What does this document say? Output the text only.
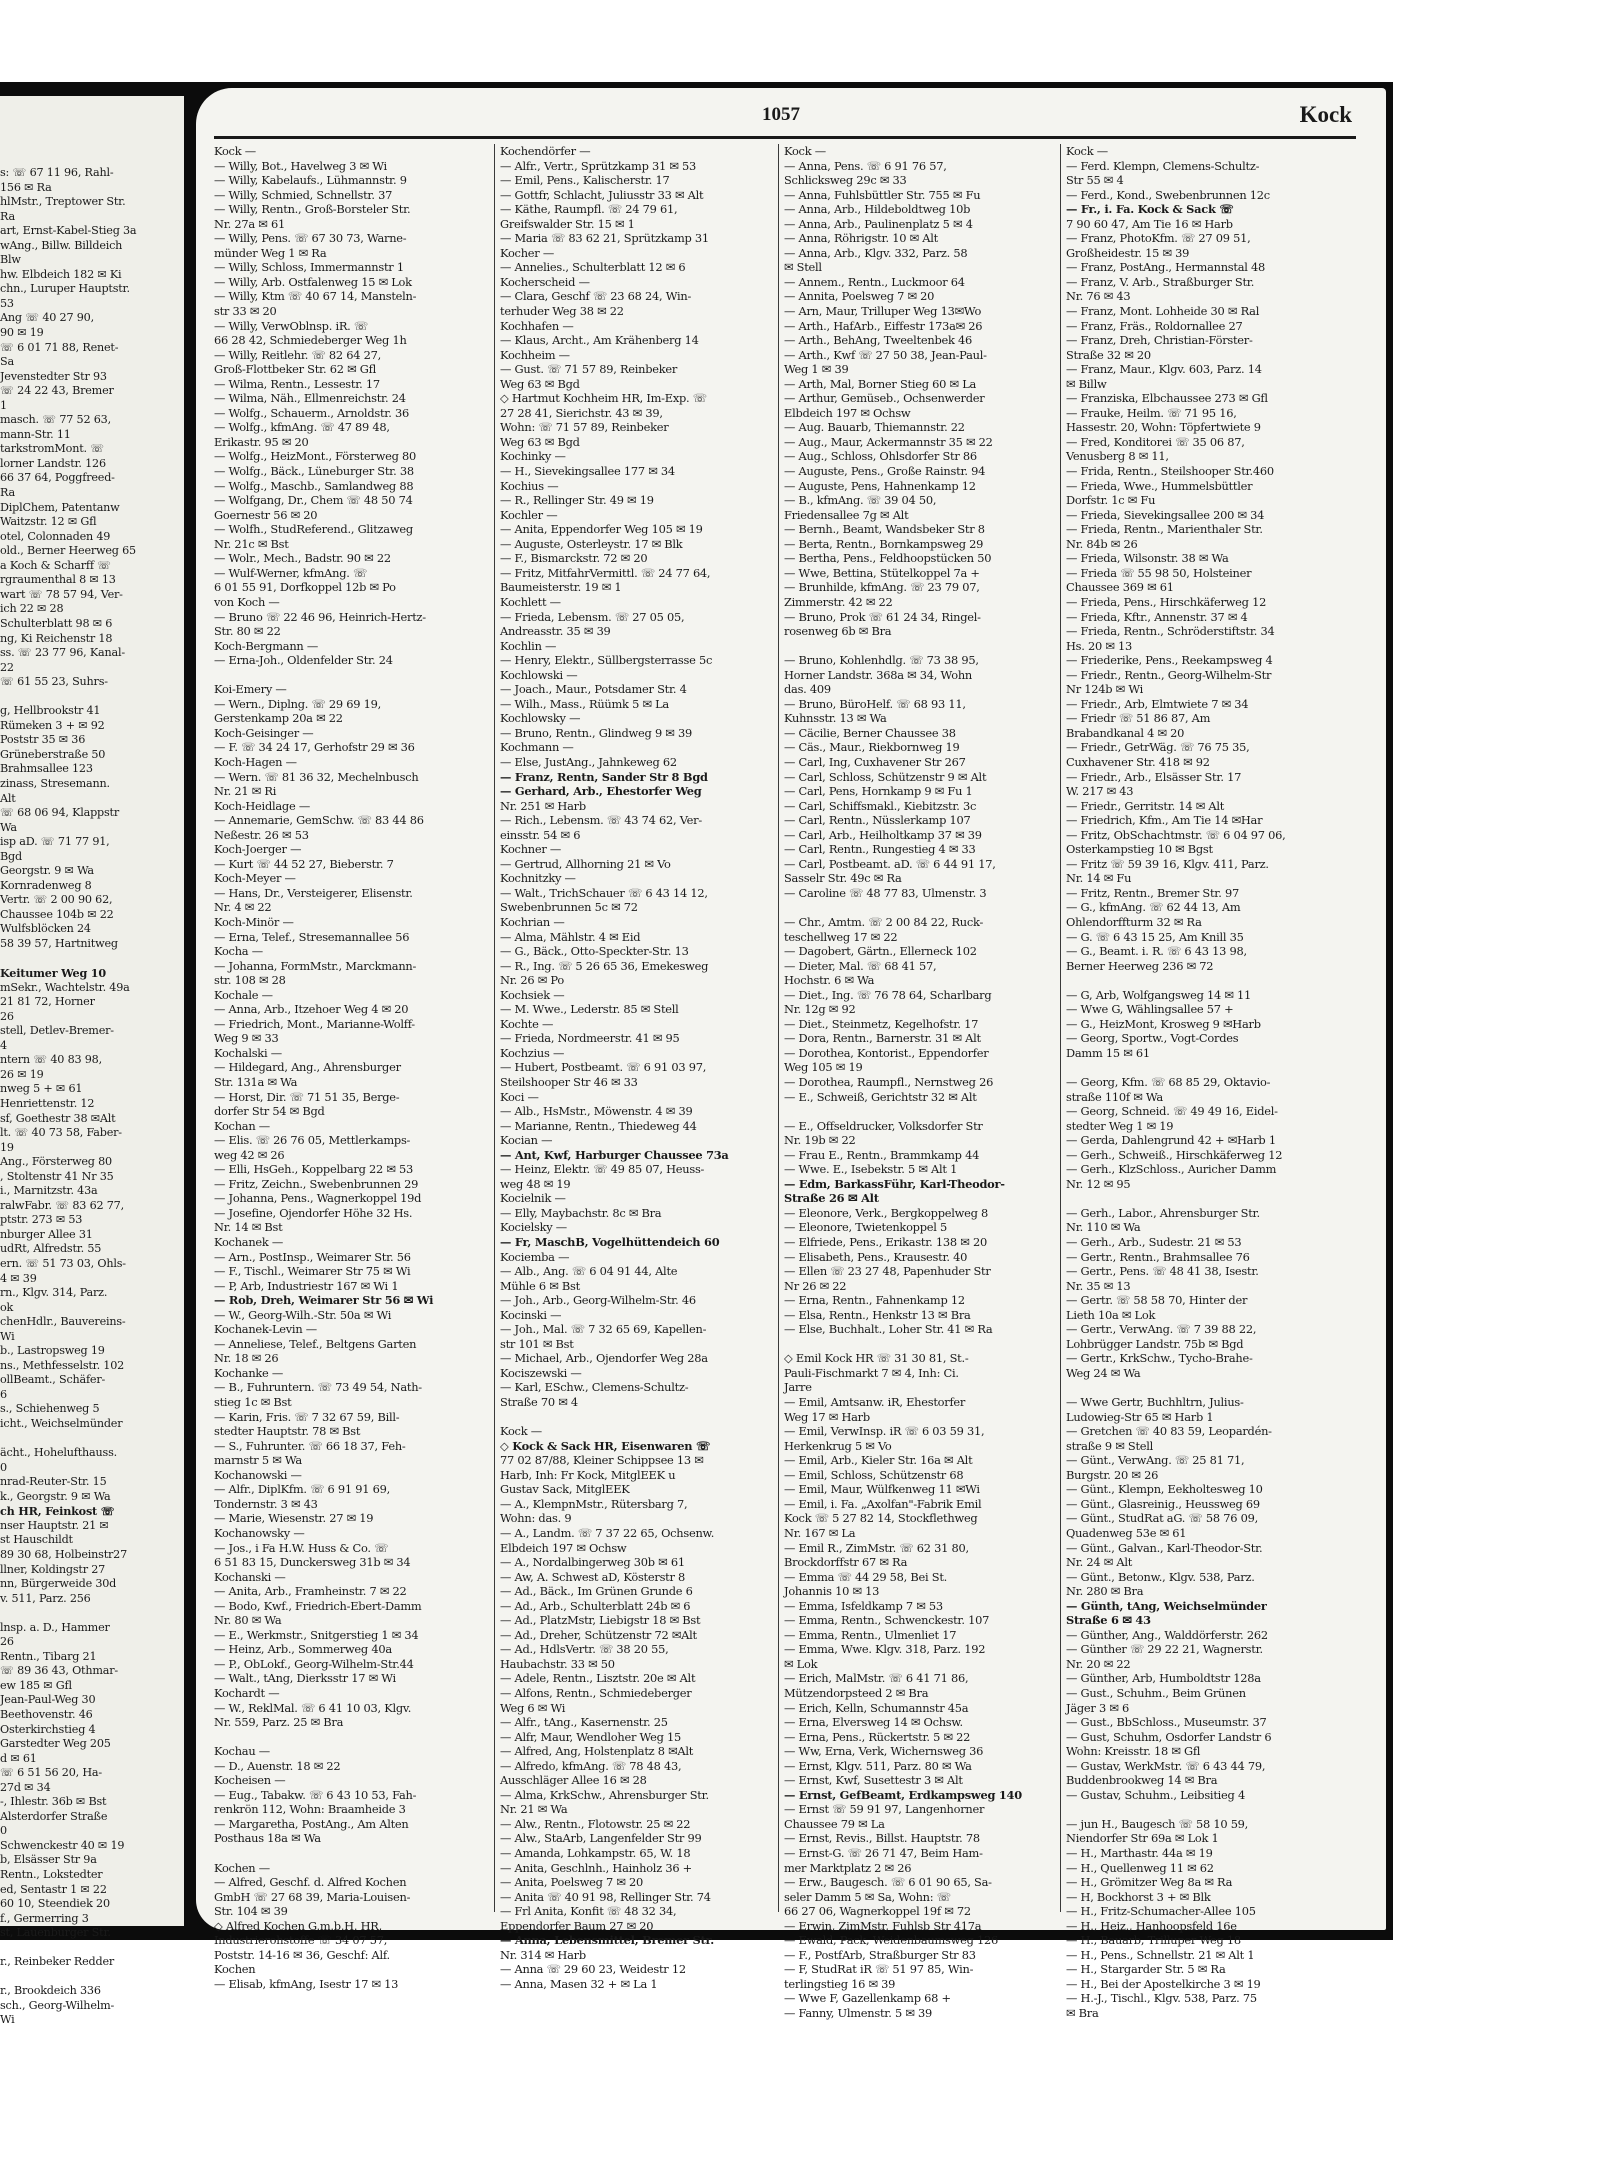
s: ☏ 67 11 96, Rahl-
156 ✉ Ra
hlMstr., Treptower Str.
Ra
art, Ernst-Kabel-Stieg 3a
wAng., Billw. Billdeich
Blw
hw. Elbdeich 182 ✉ Ki
chn., Luruper Hauptstr.
53
Ang ☏ 40 27 90,
90 ✉ 19
☏ 6 01 71 88, Renet-
Sa
Jevenstedter Str 93
☏ 24 22 43, Bremer
1
masch. ☏ 77 52 63,
mann-Str. 11
tarkstromMont. ☏
lorner Landstr. 126
66 37 64, Poggfreed-
Ra
DiplChem, Patentanw
Waitzstr. 12 ✉ Gfl
otel, Colonnaden 49
old., Berner Heerweg 65
a Koch & Scharff ☏
rgraumenthal 8 ✉ 13
wart ☏ 78 57 94, Ver-
ich 22 ✉ 28
Schulterblatt 98 ✉ 6
ng, Ki Reichenstr 18
ss. ☏ 23 77 96, Kanal-
22
☏ 61 55 23, Suhrs-
g, Hellbrookstr 41
Rümeken 3 + ✉ 92
Poststr 35 ✉ 36
Grüneberstraße 50
Brahmsallee 123
zinass, Stresemann.
Alt
☏ 68 06 94, Klappstr
Wa
isp aD. ☏ 71 77 91,
Bgd
Georgstr. 9 ✉ Wa
Kornradenweg 8
Vertr. ☏ 2 00 90 62,
Chaussee 104b ✉ 22
Wulfsblöcken 24
58 39 57, Hartnitweg
Keitumer Weg 10
mSekr., Wachtelstr. 49a
21 81 72, Horner
26
stell, Detlev-Bremer-
4
ntern ☏ 40 83 98,
26 ✉ 19
nweg 5 + ✉ 61
Henriettenstr. 12
sf, Goethestr 38 ✉Alt
lt. ☏ 40 73 58, Faber-
19
Ang., Försterweg 80
, Stoltenstr 41 Nr 35
i., Marnitzstr. 43a
ralwFabr. ☏ 83 62 77,
ptstr. 273 ✉ 53
nburger Allee 31
udRt, Alfredstr. 55
ern. ☏ 51 73 03, Ohls-
4 ✉ 39
rn., Klgv. 314, Parz.
ok
chenHdlr., Bauvereins-
Wi
b., Lastropsweg 19
ns., Methfesselstr. 102
ollBeamt., Schäfer-
6
s., Schiehenweg 5
icht., Weichselmünder
ächt., Hohelufthauss.
0
nrad-Reuter-Str. 15
k., Georgstr. 9 ✉ Wa
ch HR, Feinkost ☏
nser Hauptstr. 21 ✉
st Hauschildt
89 30 68, Holbeinstr27
llner, Koldingstr 27
nn, Bürgerweide 30d
v. 511, Parz. 256
lnsp. a. D., Hammer
26
Rentn., Tibarg 21
☏ 89 36 43, Othmar-
ew 185 ✉ Gfl
Jean-Paul-Weg 30
Beethovenstr. 46
Osterkirchstieg 4
Garstedter Weg 205
d ✉ 61
☏ 6 51 56 20, Ha-
27d ✉ 34
-, Ihlestr. 36b ✉ Bst
Alsterdorfer Straße
0
Schwenckestr 40 ✉ 19
b, Elsässer Str 9a
Rentn., Lokstedter
ed, Sentastr 1 ✉ 22
60 10, Steendiek 20
f., Germerring 3
st, Lauenburger Str.
r., Reinbeker Redder
r., Brookdeich 336
sch., Georg-Wilhelm-
Wi
1057	Kock
Kock —
— Willy, Bot., Havelweg 3 ✉ Wi
— Willy, Kabelaufs., Lühmannstr. 9
— Willy, Schmied, Schnellstr. 37
— Willy, Rentn., Groß-Borsteler Str.
Nr. 27a ✉ 61
— Willy, Pens. ☏ 67 30 73, Warne-
münder Weg 1 ✉ Ra
— Willy, Schloss, Immermannstr 1
— Willy, Arb. Ostfalenweg 15 ✉ Lok
— Willy, Ktm ☏ 40 67 14, Mansteln-
str 33 ✉ 20
— Willy, VerwOblnsp. iR. ☏
66 28 42, Schmiedeberger Weg 1h
— Willy, Reitlehr. ☏ 82 64 27,
Groß-Flottbeker Str. 62 ✉ Gfl
— Wilma, Rentn., Lessestr. 17
— Wilma, Näh., Ellmenreichstr. 24
— Wolfg., Schauerm., Arnoldstr. 36
— Wolfg., kfmAng. ☏ 47 89 48,
Erikastr. 95 ✉ 20
— Wolfg., HeizMont., Försterweg 80
— Wolfg., Bäck., Lüneburger Str. 38
— Wolfg., Maschb., Samlandweg 88
— Wolfgang, Dr., Chem ☏ 48 50 74
Goernestr 56 ✉ 20
— Wolfh., StudReferend., Glitzaweg
Nr. 21c ✉ Bst
— Wolr., Mech., Badstr. 90 ✉ 22
— Wulf-Werner, kfmAng. ☏
6 01 55 91, Dorfkoppel 12b ✉ Po
von Koch —
— Bruno ☏ 22 46 96, Heinrich-Hertz-
Str. 80 ✉ 22
Koch-Bergmann —
— Erna-Joh., Oldenfelder Str. 24
Koi-Emery —
— Wern., Diplng. ☏ 29 69 19,
Gerstenkamp 20a ✉ 22
Koch-Geisinger —
— F. ☏ 34 24 17, Gerhofstr 29 ✉ 36
Koch-Hagen —
— Wern. ☏ 81 36 32, Mechelnbusch
Nr. 21 ✉ Ri
Koch-Heidlage —
— Annemarie, GemSchw. ☏ 83 44 86
Neßestr. 26 ✉ 53
Koch-Joerger —
— Kurt ☏ 44 52 27, Bieberstr. 7
Koch-Meyer —
— Hans, Dr., Versteigerer, Elisenstr.
Nr. 4 ✉ 22
Koch-Minör —
— Erna, Telef., Stresemannallee 56
Kocha —
— Johanna, FormMstr., Marckmann-
str. 108 ✉ 28
Kochale —
— Anna, Arb., Itzehoer Weg 4 ✉ 20
— Friedrich, Mont., Marianne-Wolff-
Weg 9 ✉ 33
Kochalski —
— Hildegard, Ang., Ahrensburger
Str. 131a ✉ Wa
— Horst, Dir. ☏ 71 51 35, Berge-
dorfer Str 54 ✉ Bgd
Kochan —
— Elis. ☏ 26 76 05, Mettlerkamps-
weg 42 ✉ 26
— Elli, HsGeh., Koppelbarg 22 ✉ 53
— Fritz, Zeichn., Swebenbrunnen 29
— Johanna, Pens., Wagnerkoppel 19d
— Josefine, Ojendorfer Höhe 32 Hs.
Nr. 14 ✉ Bst
Kochanek —
— Arn., PostInsp., Weimarer Str. 56
— F., Tischl., Weimarer Str 75 ✉ Wi
— P, Arb, Industriestr 167 ✉ Wi 1
— Rob, Dreh, Weimarer Str 56 ✉ Wi
— W., Georg-Wilh.-Str. 50a ✉ Wi
Kochanek-Levin —
— Anneliese, Telef., Beltgens Garten
Nr. 18 ✉ 26
Kochanke —
— B., Fuhruntern. ☏ 73 49 54, Nath-
stieg 1c ✉ Bst
— Karin, Fris. ☏ 7 32 67 59, Bill-
stedter Hauptstr. 78 ✉ Bst
— S., Fuhrunter. ☏ 66 18 37, Feh-
marnstr 5 ✉ Wa
Kochanowski —
— Alfr., DiplKfm. ☏ 6 91 91 69,
Tondernstr. 3 ✉ 43
— Marie, Wiesenstr. 27 ✉ 19
Kochanowsky —
— Jos., i Fa H.W. Huss & Co. ☏
6 51 83 15, Dunckersweg 31b ✉ 34
Kochanski —
— Anita, Arb., Framheinstr. 7 ✉ 22
— Bodo, Kwf., Friedrich-Ebert-Damm
Nr. 80 ✉ Wa
— E., Werkmstr., Snitgerstieg 1 ✉ 34
— Heinz, Arb., Sommerweg 40a
— P., ObLokf., Georg-Wilhelm-Str.44
— Walt., tAng, Dierksstr 17 ✉ Wi
Kochardt —
— W., ReklMal. ☏ 6 41 10 03, Klgv.
Nr. 559, Parz. 25 ✉ Bra
Kochau —
— D., Auenstr. 18 ✉ 22
Kocheisen —
— Eug., Tabakw. ☏ 6 43 10 53, Fah-
renkrön 112, Wohn: Braamheide 3
— Margaretha, PostAng., Am Alten
Posthaus 18a ✉ Wa
Kochen —
— Alfred, Geschf. d. Alfred Kochen
GmbH ☏ 27 68 39, Maria-Louisen-
Str. 104 ✉ 39
◇ Alfred Kochen G.m.b.H. HR,
Industrierohstoffe ☏ 34 07 57,
Poststr. 14-16 ✉ 36, Geschf: Alf.
Kochen
— Elisab, kfmAng, Isestr 17 ✉ 13
Kochendörfer —
— Alfr., Vertr., Sprützkamp 31 ✉ 53
— Emil, Pens., Kalischerstr. 17
— Gottfr, Schlacht, Juliusstr 33 ✉ Alt
— Käthe, Raumpfl. ☏ 24 79 61,
Greifswalder Str. 15 ✉ 1
— Maria ☏ 83 62 21, Sprützkamp 31
Kocher —
— Annelies., Schulterblatt 12 ✉ 6
Kocherscheid —
— Clara, Geschf ☏ 23 68 24, Win-
terhuder Weg 38 ✉ 22
Kochhafen —
— Klaus, Archt., Am Krähenberg 14
Kochheim —
— Gust. ☏ 71 57 89, Reinbeker
Weg 63 ✉ Bgd
◇ Hartmut Kochheim HR, Im-Exp. ☏
27 28 41, Sierichstr. 43 ✉ 39,
Wohn: ☏ 71 57 89, Reinbeker
Weg 63 ✉ Bgd
Kochinky —
— H., Sievekingsallee 177 ✉ 34
Kochius —
— R., Rellinger Str. 49 ✉ 19
Kochler —
— Anita, Eppendorfer Weg 105 ✉ 19
— Auguste, Osterleystr. 17 ✉ Blk
— F., Bismarckstr. 72 ✉ 20
— Fritz, MitfahrVermittl. ☏ 24 77 64,
Baumeisterstr. 19 ✉ 1
Kochlett —
— Frieda, Lebensm. ☏ 27 05 05,
Andreasstr. 35 ✉ 39
Kochlin —
— Henry, Elektr., Süllbergsterrasse 5c
Kochlowski —
— Joach., Maur., Potsdamer Str. 4
— Wilh., Mass., Rüümk 5 ✉ La
Kochlowsky —
— Bruno, Rentn., Glindweg 9 ✉ 39
Kochmann —
— Else, JustAng., Jahnkeweg 62
— Franz, Rentn, Sander Str 8 Bgd
— Gerhard, Arb., Ehestorfer Weg
Nr. 251 ✉ Harb
— Rich., Lebensm. ☏ 43 74 62, Ver-
einsstr. 54 ✉ 6
Kochner —
— Gertrud, Allhorning 21 ✉ Vo
Kochnitzky —
— Walt., TrichSchauer ☏ 6 43 14 12,
Swebenbrunnen 5c ✉ 72
Kochrian —
— Alma, Mählstr. 4 ✉ Eid
— G., Bäck., Otto-Speckter-Str. 13
— R., Ing. ☏ 5 26 65 36, Emekesweg
Nr. 26 ✉ Po
Kochsiek —
— M. Wwe., Lederstr. 85 ✉ Stell
Kochte —
— Frieda, Nordmeerstr. 41 ✉ 95
Kochzius —
— Hubert, Postbeamt. ☏ 6 91 03 97,
Steilshooper Str 46 ✉ 33
Koci —
— Alb., HsMstr., Möwenstr. 4 ✉ 39
— Marianne, Rentn., Thiedeweg 44
Kocian —
— Ant, Kwf, Harburger Chaussee 73a
— Heinz, Elektr. ☏ 49 85 07, Heuss-
weg 48 ✉ 19
Kocielnik —
— Elly, Maybachstr. 8c ✉ Bra
Kocielsky —
— Fr, MaschB, Vogelhüttendeich 60
Kociemba —
— Alb., Ang. ☏ 6 04 91 44, Alte
Mühle 6 ✉ Bst
— Joh., Arb., Georg-Wilhelm-Str. 46
Kocinski —
— Joh., Mal. ☏ 7 32 65 69, Kapellen-
str 101 ✉ Bst
— Michael, Arb., Ojendorfer Weg 28a
Kociszewski —
— Karl, ESchw., Clemens-Schultz-
Straße 70 ✉ 4
Kock —
◇ Kock & Sack HR, Eisenwaren ☏
77 02 87/88, Kleiner Schippsee 13 ✉
Harb, Inh: Fr Kock, MitglEEK u
Gustav Sack, MitglEEK
— A., KlempnMstr., Rütersbarg 7,
Wohn: das. 9
— A., Landm. ☏ 7 37 22 65, Ochsenw.
Elbdeich 197 ✉ Ochsw
— A., Nordalbingerweg 30b ✉ 61
— Aw, A. Schwest aD, Kösterstr 8
— Ad., Bäck., Im Grünen Grunde 6
— Ad., Arb., Schulterblatt 24b ✉ 6
— Ad., PlatzMstr, Liebigstr 18 ✉ Bst
— Ad., Dreher, Schützenstr 72 ✉Alt
— Ad., HdlsVertr. ☏ 38 20 55,
Haubachstr. 33 ✉ 50
— Adele, Rentn., Lisztstr. 20e ✉ Alt
— Alfons, Rentn., Schmiedeberger
Weg 6 ✉ Wi
— Alfr., tAng., Kasernenstr. 25
— Alfr, Maur, Wendloher Weg 15
— Alfred, Ang, Holstenplatz 8 ✉Alt
— Alfredo, kfmAng. ☏ 78 48 43,
Ausschläger Allee 16 ✉ 28
— Alma, KrkSchw., Ahrensburger Str.
Nr. 21 ✉ Wa
— Alw., Rentn., Flotowstr. 25 ✉ 22
— Alw., StaArb, Langenfelder Str 99
— Amanda, Lohkampstr. 65, W. 18
— Anita, Geschlnh., Hainholz 36 +
— Anita, Poelsweg 7 ✉ 20
— Anita ☏ 40 91 98, Rellinger Str. 74
— Frl Anita, Konfit ☏ 48 32 34,
Eppendorfer Baum 27 ✉ 20
— Anna, Lebensmittel, Bremer Str.
Nr. 314 ✉ Harb
— Anna ☏ 29 60 23, Weidestr 12
— Anna, Masen 32 + ✉ La 1
Kock —
— Anna, Pens. ☏ 6 91 76 57,
Schlicksweg 29c ✉ 33
— Anna, Fuhlsbüttler Str. 755 ✉ Fu
— Anna, Arb., Hildeboldtweg 10b
— Anna, Arb., Paulinenplatz 5 ✉ 4
— Anna, Röhrigstr. 10 ✉ Alt
— Anna, Arb., Klgv. 332, Parz. 58
✉ Stell
— Annem., Rentn., Luckmoor 64
— Annita, Poelsweg 7 ✉ 20
— Arn, Maur, Trilluper Weg 13✉Wo
— Arth., HafArb., Eiffestr 173a✉ 26
— Arth., BehAng, Tweeltenbek 46
— Arth., Kwf ☏ 27 50 38, Jean-Paul-
Weg 1 ✉ 39
— Arth, Mal, Borner Stieg 60 ✉ La
— Arthur, Gemüseb., Ochsenwerder
Elbdeich 197 ✉ Ochsw
— Aug. Bauarb, Thiemannstr. 22
— Aug., Maur, Ackermannstr 35 ✉ 22
— Aug., Schloss, Ohlsdorfer Str 86
— Auguste, Pens., Große Rainstr. 94
— Auguste, Pens, Hahnenkamp 12
— B., kfmAng. ☏ 39 04 50,
Friedensallee 7g ✉ Alt
— Bernh., Beamt, Wandsbeker Str 8
— Berta, Rentn., Bornkampsweg 29
— Bertha, Pens., Feldhoopstücken 50
— Wwe, Bettina, Stütelkoppel 7a +
— Brunhilde, kfmAng. ☏ 23 79 07,
Zimmerstr. 42 ✉ 22
— Bruno, Prok ☏ 61 24 34, Ringel-
rosenweg 6b ✉ Bra
— Bruno, Kohlenhdlg. ☏ 73 38 95,
Horner Landstr. 368a ✉ 34, Wohn
das. 409
— Bruno, BüroHelf. ☏ 68 93 11,
Kuhnsstr. 13 ✉ Wa
— Cäcilie, Berner Chaussee 38
— Cäs., Maur., Riekbornweg 19
— Carl, Ing, Cuxhavener Str 267
— Carl, Schloss, Schützenstr 9 ✉ Alt
— Carl, Pens, Hornkamp 9 ✉ Fu 1
— Carl, Schiffsmakl., Kiebitzstr. 3c
— Carl, Rentn., Nüsslerkamp 107
— Carl, Arb., Heilholtkamp 37 ✉ 39
— Carl, Rentn., Rungestieg 4 ✉ 33
— Carl, Postbeamt. aD. ☏ 6 44 91 17,
Sasselr Str. 49c ✉ Ra
— Caroline ☏ 48 77 83, Ulmenstr. 3
— Chr., Amtm. ☏ 2 00 84 22, Ruck-
teschellweg 17 ✉ 22
— Dagobert, Gärtn., Ellerneck 102
— Dieter, Mal. ☏ 68 41 57,
Hochstr. 6 ✉ Wa
— Diet., Ing. ☏ 76 78 64, Scharlbarg
Nr. 12g ✉ 92
— Diet., Steinmetz, Kegelhofstr. 17
— Dora, Rentn., Barnerstr. 31 ✉ Alt
— Dorothea, Kontorist., Eppendorfer
Weg 105 ✉ 19
— Dorothea, Raumpfl., Nernstweg 26
— E., Schweiß, Gerichtstr 32 ✉ Alt
— E., Offseldrucker, Volksdorfer Str
Nr. 19b ✉ 22
— Frau E., Rentn., Brammkamp 44
— Wwe. E., Isebekstr. 5 ✉ Alt 1
— Edm, BarkassFühr, Karl-Theodor-
Straße 26 ✉ Alt
— Eleonore, Verk., Bergkoppelweg 8
— Eleonore, Twietenkoppel 5
— Elfriede, Pens., Erikastr. 138 ✉ 20
— Elisabeth, Pens., Krausestr. 40
— Ellen ☏ 23 27 48, Papenhuder Str
Nr 26 ✉ 22
— Erna, Rentn., Fahnenkamp 12
— Elsa, Rentn., Henkstr 13 ✉ Bra
— Else, Buchhalt., Loher Str. 41 ✉ Ra
◇ Emil Kock HR ☏ 31 30 81, St.-
Pauli-Fischmarkt 7 ✉ 4, Inh: Ci.
Jarre
— Emil, Amtsanw. iR, Ehestorfer
Weg 17 ✉ Harb
— Emil, VerwInsp. iR ☏ 6 03 59 31,
Herkenkrug 5 ✉ Vo
— Emil, Arb., Kieler Str. 16a ✉ Alt
— Emil, Schloss, Schützenstr 68
— Emil, Maur, Wülfkenweg 11 ✉Wi
— Emil, i. Fa. „Axolfan"-Fabrik Emil
Kock ☏ 5 27 82 14, Stockflethweg
Nr. 167 ✉ La
— Emil R., ZimMstr. ☏ 62 31 80,
Brockdorffstr 67 ✉ Ra
— Emma ☏ 44 29 58, Bei St.
Johannis 10 ✉ 13
— Emma, Isfeldkamp 7 ✉ 53
— Emma, Rentn., Schwenckestr. 107
— Emma, Rentn., Ulmenliet 17
— Emma, Wwe. Klgv. 318, Parz. 192
✉ Lok
— Erich, MalMstr. ☏ 6 41 71 86,
Mützendorpsteed 2 ✉ Bra
— Erich, Kelln, Schumannstr 45a
— Erna, Elversweg 14 ✉ Ochsw.
— Erna, Pens., Rückertstr. 5 ✉ 22
— Ww, Erna, Verk, Wichernsweg 36
— Ernst, Klgv. 511, Parz. 80 ✉ Wa
— Ernst, Kwf, Susettestr 3 ✉ Alt
— Ernst, GefBeamt, Erdkampsweg 140
— Ernst ☏ 59 91 97, Langenhorner
Chaussee 79 ✉ La
— Ernst, Revis., Billst. Hauptstr. 78
— Ernst-G. ☏ 26 71 47, Beim Ham-
mer Marktplatz 2 ✉ 26
— Erw., Baugesch. ☏ 6 01 90 65, Sa-
seler Damm 5 ✉ Sa, Wohn: ☏
66 27 06, Wagnerkoppel 19f ✉ 72
— Erwin, ZimMstr, Fuhlsb Str 417a
— Ewald, Pack, Weidenbaumsweg 126
— F., PostfArb, Straßburger Str 83
— F, StudRat iR ☏ 51 97 85, Win-
terlingstieg 16 ✉ 39
— Wwe F, Gazellenkamp 68 +
— Fanny, Ulmenstr. 5 ✉ 39
Kock —
— Ferd. Klempn, Clemens-Schultz-
Str 55 ✉ 4
— Ferd., Kond., Swebenbrunnen 12c
— Fr., i. Fa. Kock & Sack ☏
7 90 60 47, Am Tie 16 ✉ Harb
— Franz, PhotoKfm. ☏ 27 09 51,
Großheidestr. 15 ✉ 39
— Franz, PostAng., Hermannstal 48
— Franz, V. Arb., Straßburger Str.
Nr. 76 ✉ 43
— Franz, Mont. Lohheide 30 ✉ Ral
— Franz, Fräs., Roldornallee 27
— Franz, Dreh, Christian-Förster-
Straße 32 ✉ 20
— Franz, Maur., Klgv. 603, Parz. 14
✉ Billw
— Franziska, Elbchaussee 273 ✉ Gfl
— Frauke, Heilm. ☏ 71 95 16,
Hassestr. 20, Wohn: Töpfertwiete 9
— Fred, Konditorei ☏ 35 06 87,
Venusberg 8 ✉ 11,
— Frida, Rentn., Steilshooper Str.460
— Frieda, Wwe., Hummelsbüttler
Dorfstr. 1c ✉ Fu
— Frieda, Sievekingsallee 200 ✉ 34
— Frieda, Rentn., Marienthaler Str.
Nr. 84b ✉ 26
— Frieda, Wilsonstr. 38 ✉ Wa
— Frieda ☏ 55 98 50, Holsteiner
Chaussee 369 ✉ 61
— Frieda, Pens., Hirschkäferweg 12
— Frieda, Kftr., Annenstr. 37 ✉ 4
— Frieda, Rentn., Schröderstiftstr. 34
Hs. 20 ✉ 13
— Friederike, Pens., Reekampsweg 4
— Friedr., Rentn., Georg-Wilhelm-Str
Nr 124b ✉ Wi
— Friedr., Arb, Elmtwiete 7 ✉ 34
— Friedr ☏ 51 86 87, Am
Brabandkanal 4 ✉ 20
— Friedr., GetrWäg. ☏ 76 75 35,
Cuxhavener Str. 418 ✉ 92
— Friedr., Arb., Elsässer Str. 17
W. 217 ✉ 43
— Friedr., Gerritstr. 14 ✉ Alt
— Friedrich, Kfm., Am Tie 14 ✉Har
— Fritz, ObSchachtmstr. ☏ 6 04 97 06,
Osterkampstieg 10 ✉ Bgst
— Fritz ☏ 59 39 16, Klgv. 411, Parz.
Nr. 14 ✉ Fu
— Fritz, Rentn., Bremer Str. 97
— G., kfmAng. ☏ 62 44 13, Am
Ohlendorffturm 32 ✉ Ra
— G. ☏ 6 43 15 25, Am Knill 35
— G., Beamt. i. R. ☏ 6 43 13 98,
Berner Heerweg 236 ✉ 72
— G, Arb, Wolfgangsweg 14 ✉ 11
— Wwe G, Wählingsallee 57 +
— G., HeizMont, Krosweg 9 ✉Harb
— Georg, Sportw., Vogt-Cordes
Damm 15 ✉ 61
— Georg, Kfm. ☏ 68 85 29, Oktavio-
straße 110f ✉ Wa
— Georg, Schneid. ☏ 49 49 16, Eidel-
stedter Weg 1 ✉ 19
— Gerda, Dahlengrund 42 + ✉Harb 1
— Gerh., Schweiß., Hirschkäferweg 12
— Gerh., KlzSchloss., Auricher Damm
Nr. 12 ✉ 95
— Gerh., Labor., Ahrensburger Str.
Nr. 110 ✉ Wa
— Gerh., Arb., Sudestr. 21 ✉ 53
— Gertr., Rentn., Brahmsallee 76
— Gertr., Pens. ☏ 48 41 38, Isestr.
Nr. 35 ✉ 13
— Gertr. ☏ 58 58 70, Hinter der
Lieth 10a ✉ Lok
— Gertr., VerwAng. ☏ 7 39 88 22,
Lohbrügger Landstr. 75b ✉ Bgd
— Gertr., KrkSchw., Tycho-Brahe-
Weg 24 ✉ Wa
— Wwe Gertr, Buchhltrn, Julius-
Ludowieg-Str 65 ✉ Harb 1
— Gretchen ☏ 40 83 59, Leopardén-
straße 9 ✉ Stell
— Günt., VerwAng. ☏ 25 81 71,
Burgstr. 20 ✉ 26
— Günt., Klempn, Eekholtesweg 10
— Günt., Glasreinig., Heussweg 69
— Günt., StudRat aG. ☏ 58 76 09,
Quadenweg 53e ✉ 61
— Günt., Galvan., Karl-Theodor-Str.
Nr. 24 ✉ Alt
— Günt., Betonw., Klgv. 538, Parz.
Nr. 280 ✉ Bra
— Günth, tAng, Weichselmünder
Straße 6 ✉ 43
— Günther, Ang., Walddörferstr. 262
— Günther ☏ 29 22 21, Wagnerstr.
Nr. 20 ✉ 22
— Günther, Arb, Humboldtstr 128a
— Gust., Schuhm., Beim Grünen
Jäger 3 ✉ 6
— Gust., BbSchloss., Museumstr. 37
— Gust, Schuhm, Osdorfer Landstr 6
Wohn: Kreisstr. 18 ✉ Gfl
— Gustav, WerkMstr. ☏ 6 43 44 79,
Buddenbrookweg 14 ✉ Bra
— Gustav, Schuhm., Leibsitieg 4
— jun H., Baugesch ☏ 58 10 59,
Niendorfer Str 69a ✉ Lok 1
— H., Marthastr. 44a ✉ 19
— H., Quellenweg 11 ✉ 62
— H., Grömitzer Weg 8a ✉ Ra
— H, Bockhorst 3 + ✉ Blk
— H., Fritz-Schumacher-Allee 105
— H., Heiz., Hanhoopsfeld 16e
— H., Bauarb, Trilluper Weg 18
— H., Pens., Schnellstr. 21 ✉ Alt 1
— H., Stargarder Str. 5 ✉ Ra
— H., Bei der Apostelkirche 3 ✉ 19
— H.-J., Tischl., Klgv. 538, Parz. 75
✉ Bra
